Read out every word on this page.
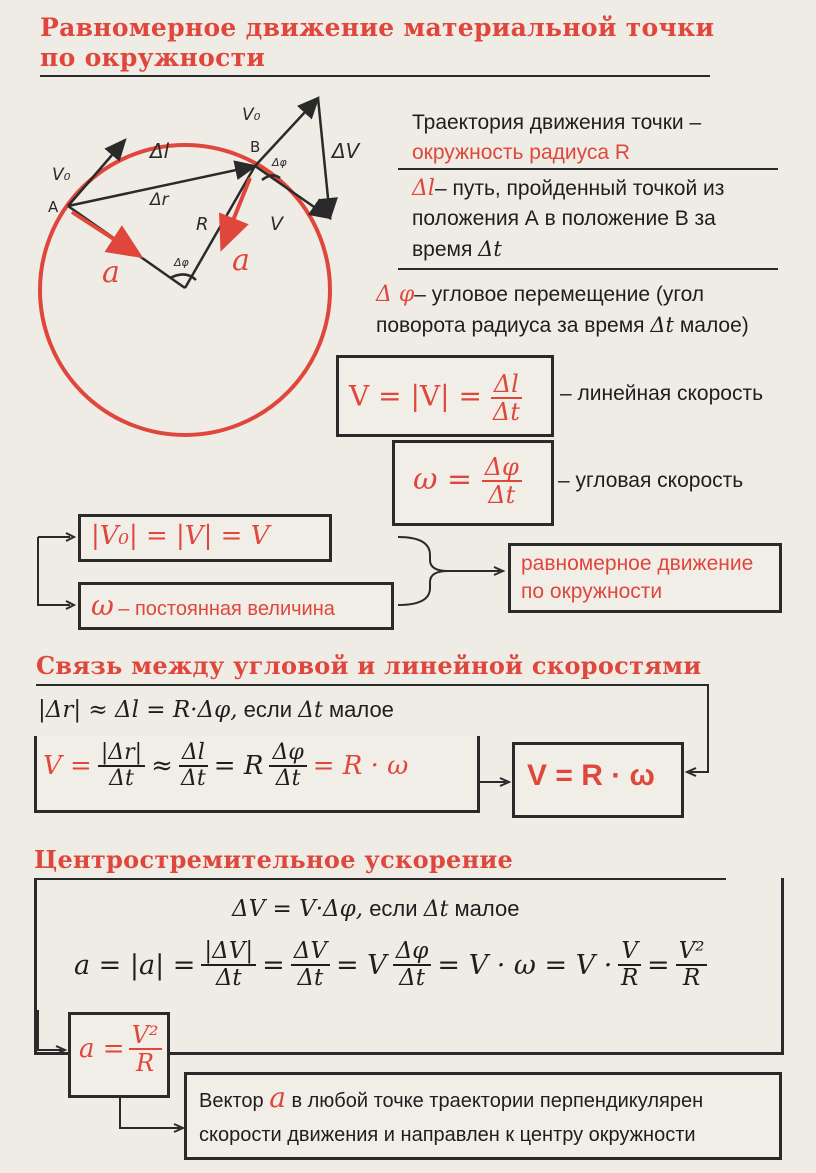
Равномерное движение материальной точки
по окружности
A
B
R
Δl
Δr
V₀
V₀
ΔV
V
Δφ
Δφ
a	a
Траектория движения точки –
окружность радиуса R
Δl– путь, пройденный точкой из
положения А в положение В за
время Δt
Δ φ– угловое перемещение (угол
поворота радиуса за время Δt малое)
$V = |V| = \frac{\Delta l}{\Delta t}$ – линейная скорость
$\omega = \frac{\Delta\varphi}{\Delta t}$ – угловая скорость
|V₀| = |V| = V
ω – постоянная величина
равномерное движение
по окружности
Связь между угловой и линейной скоростями
|Δr| ≈ Δl = R·Δφ, если Δt малое
$V = \frac{|\Delta r|}{\Delta t} \approx \frac{\Delta l}{\Delta t} = R \frac{\Delta\varphi}{\Delta t} = R \cdot \omega$	V = R · ω
Центростремительное ускорение
ΔV = V·Δφ, если Δt малое
$a = |a| = \frac{|\Delta V|}{\Delta t} = \frac{\Delta V}{\Delta t} = V \frac{\Delta\varphi}{\Delta t} = V \cdot \omega = V \cdot \frac{V}{R} = \frac{\text{V²}}{R}$
$a = \frac{\text{V²}}{R}$
Вектор a в любой точке траектории перпендикулярен
скорости движения и направлен к центру окружности
